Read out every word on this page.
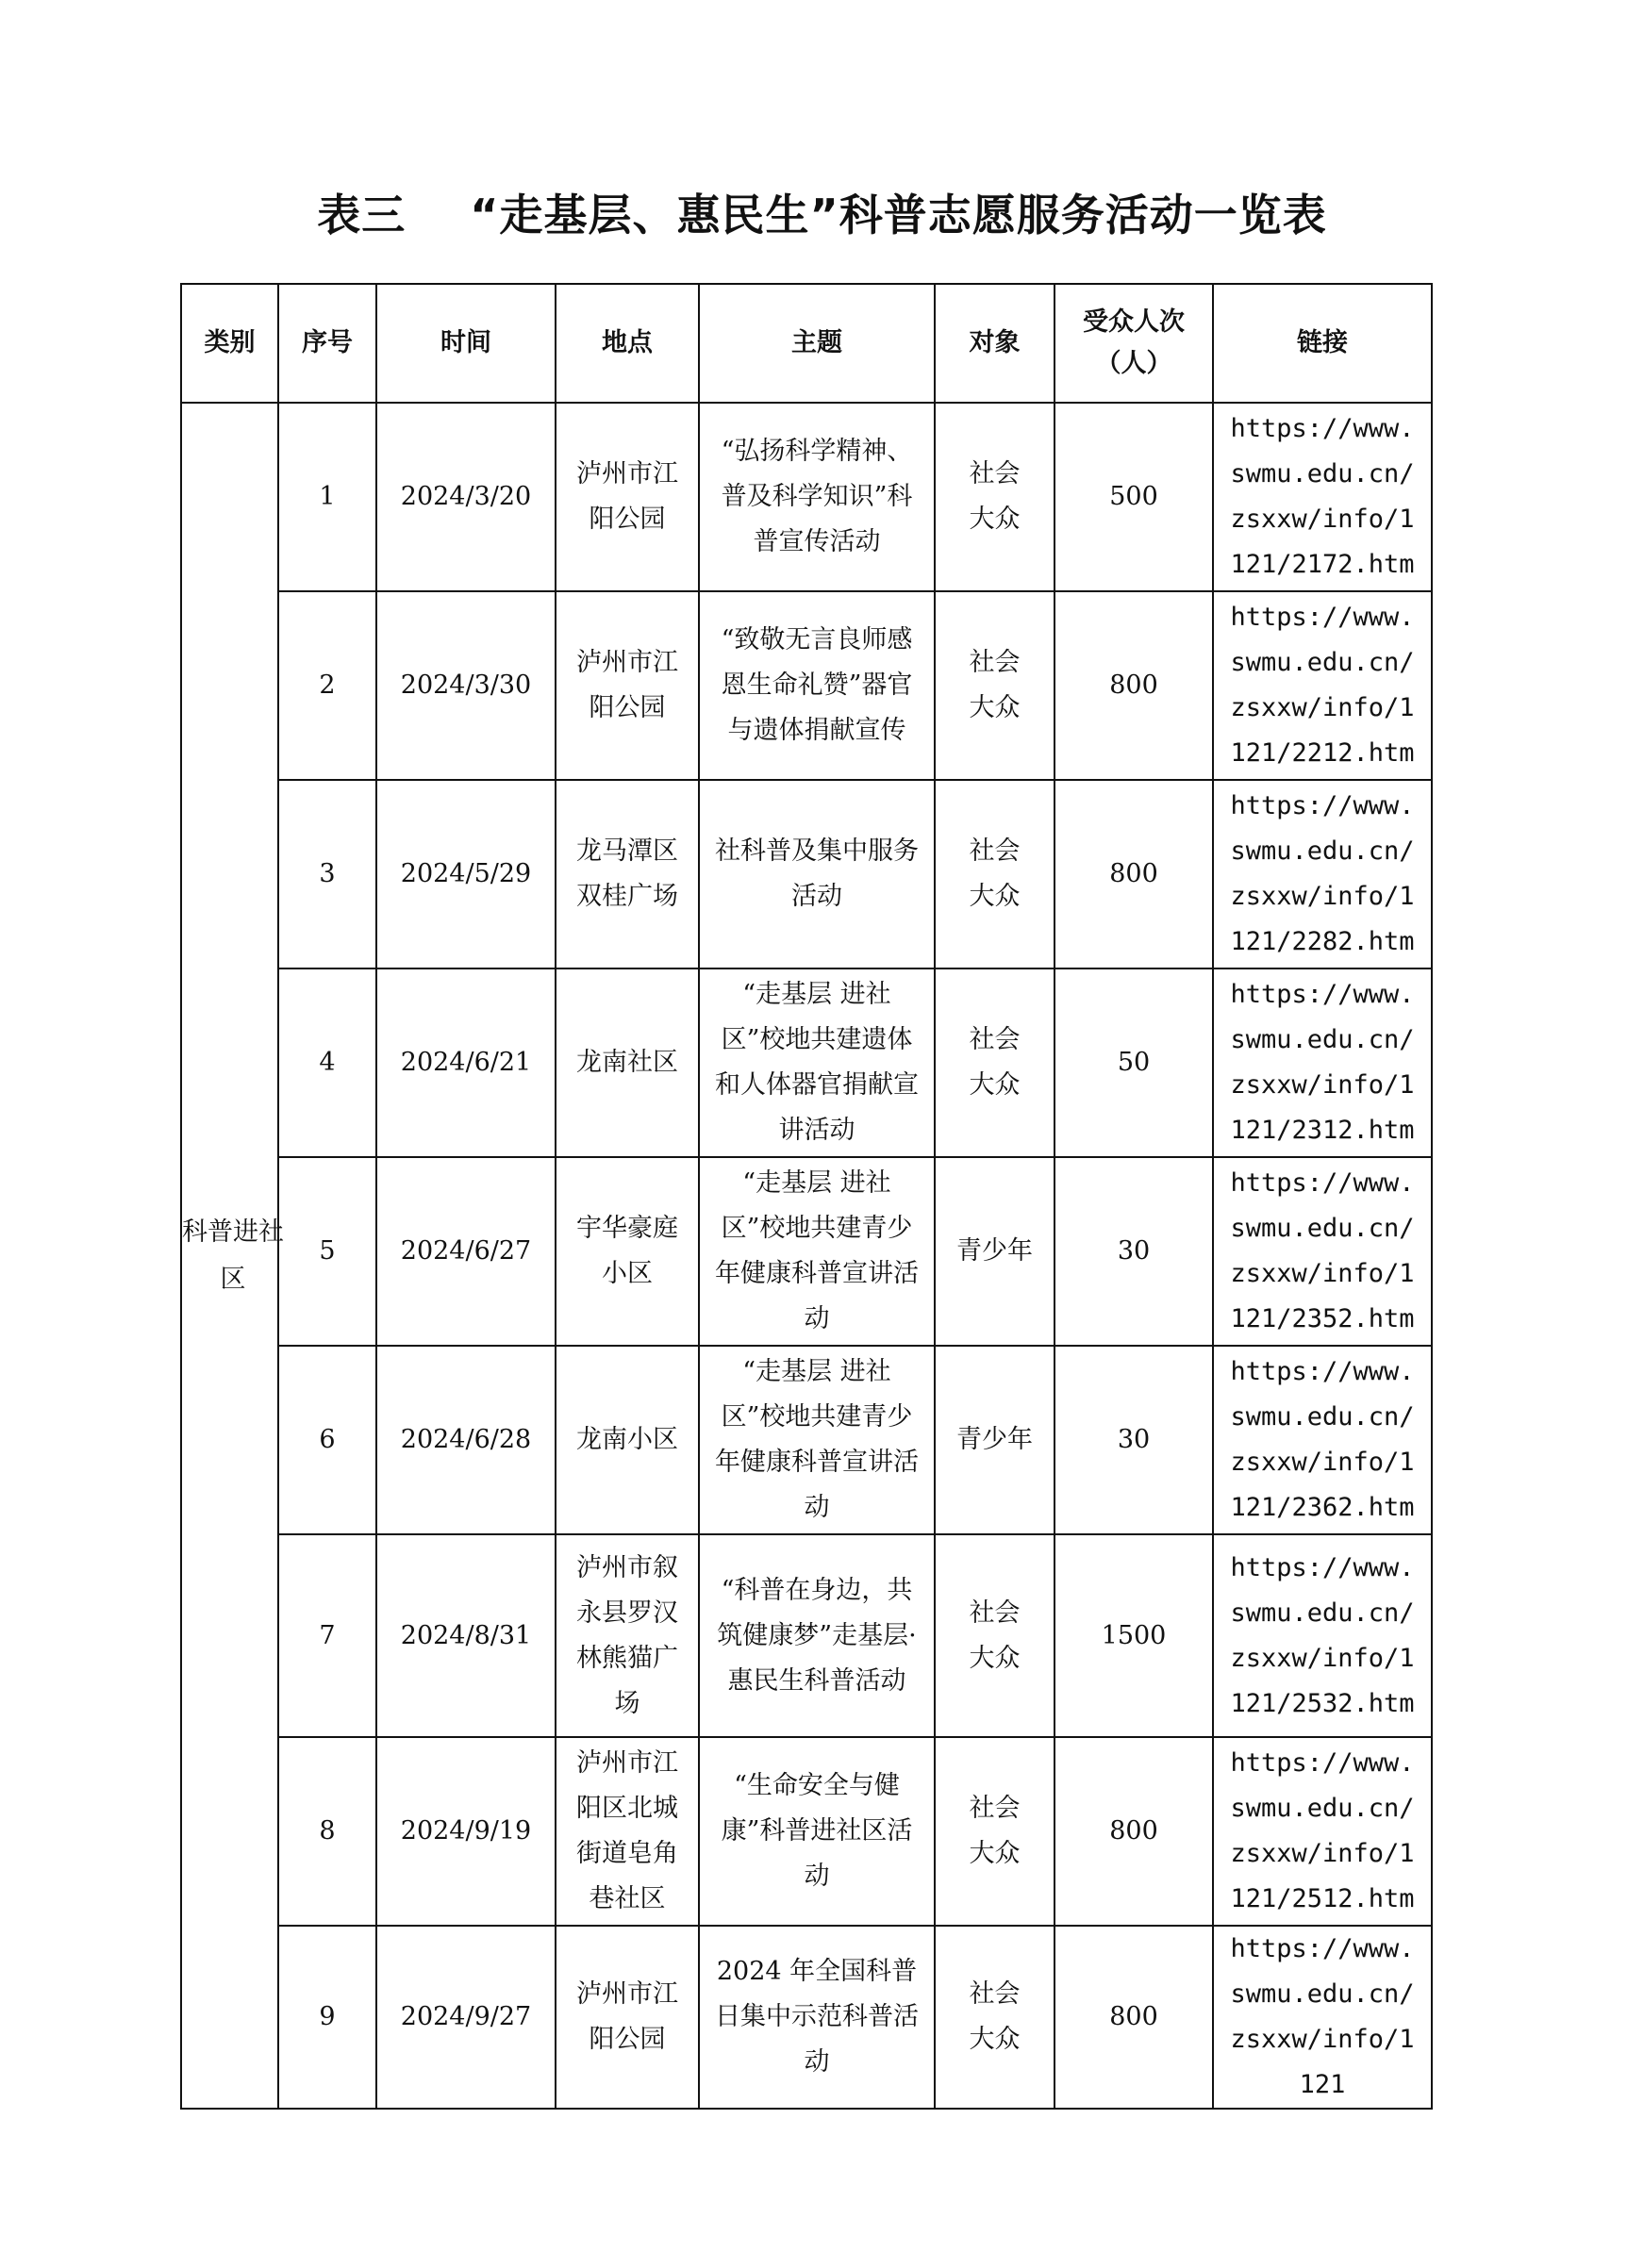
表三    “走基层、惠民生”科普志愿服务活动一览表
类别	序号	时间	地点	主题	对象	受众人次（人）	链接

科普进社区	1	2024/3/20	泸州市江阳公园	“弘扬科学精神、普及科学知识”科普宣传活动	社会大众	500	https://www.swmu.edu.cn/zsxxw/info/1121/2172.htm
	2	2024/3/30	泸州市江阳公园	“致敬无言良师感恩生命礼赞”器官与遗体捐献宣传	社会大众	800	https://www.swmu.edu.cn/zsxxw/info/1121/2212.htm
	3	2024/5/29	龙马潭区双桂广场	社科普及集中服务活动	社会大众	800	https://www.swmu.edu.cn/zsxxw/info/1121/2282.htm
	4	2024/6/21	龙南社区	“走基层 进社区”校地共建遗体和人体器官捐献宣讲活动	社会大众	50	https://www.swmu.edu.cn/zsxxw/info/1121/2312.htm
	5	2024/6/27	宇华豪庭小区	“走基层 进社区”校地共建青少年健康科普宣讲活动	青少年	30	https://www.swmu.edu.cn/zsxxw/info/1121/2352.htm
	6	2024/6/28	龙南小区	“走基层 进社区”校地共建青少年健康科普宣讲活动	青少年	30	https://www.swmu.edu.cn/zsxxw/info/1121/2362.htm
	7	2024/8/31	泸州市叙永县罗汉林熊猫广场	“科普在身边，共筑健康梦”走基层·惠民生科普活动	社会大众	1500	https://www.swmu.edu.cn/zsxxw/info/1121/2532.htm
	8	2024/9/19	泸州市江阳区北城街道皂角巷社区	“生命安全与健康”科普进社区活动	社会大众	800	https://www.swmu.edu.cn/zsxxw/info/1121/2512.htm
	9	2024/9/27	泸州市江阳公园	2024 年全国科普日集中示范科普活动	社会大众	800	https://www.swmu.edu.cn/zsxxw/info/1121
